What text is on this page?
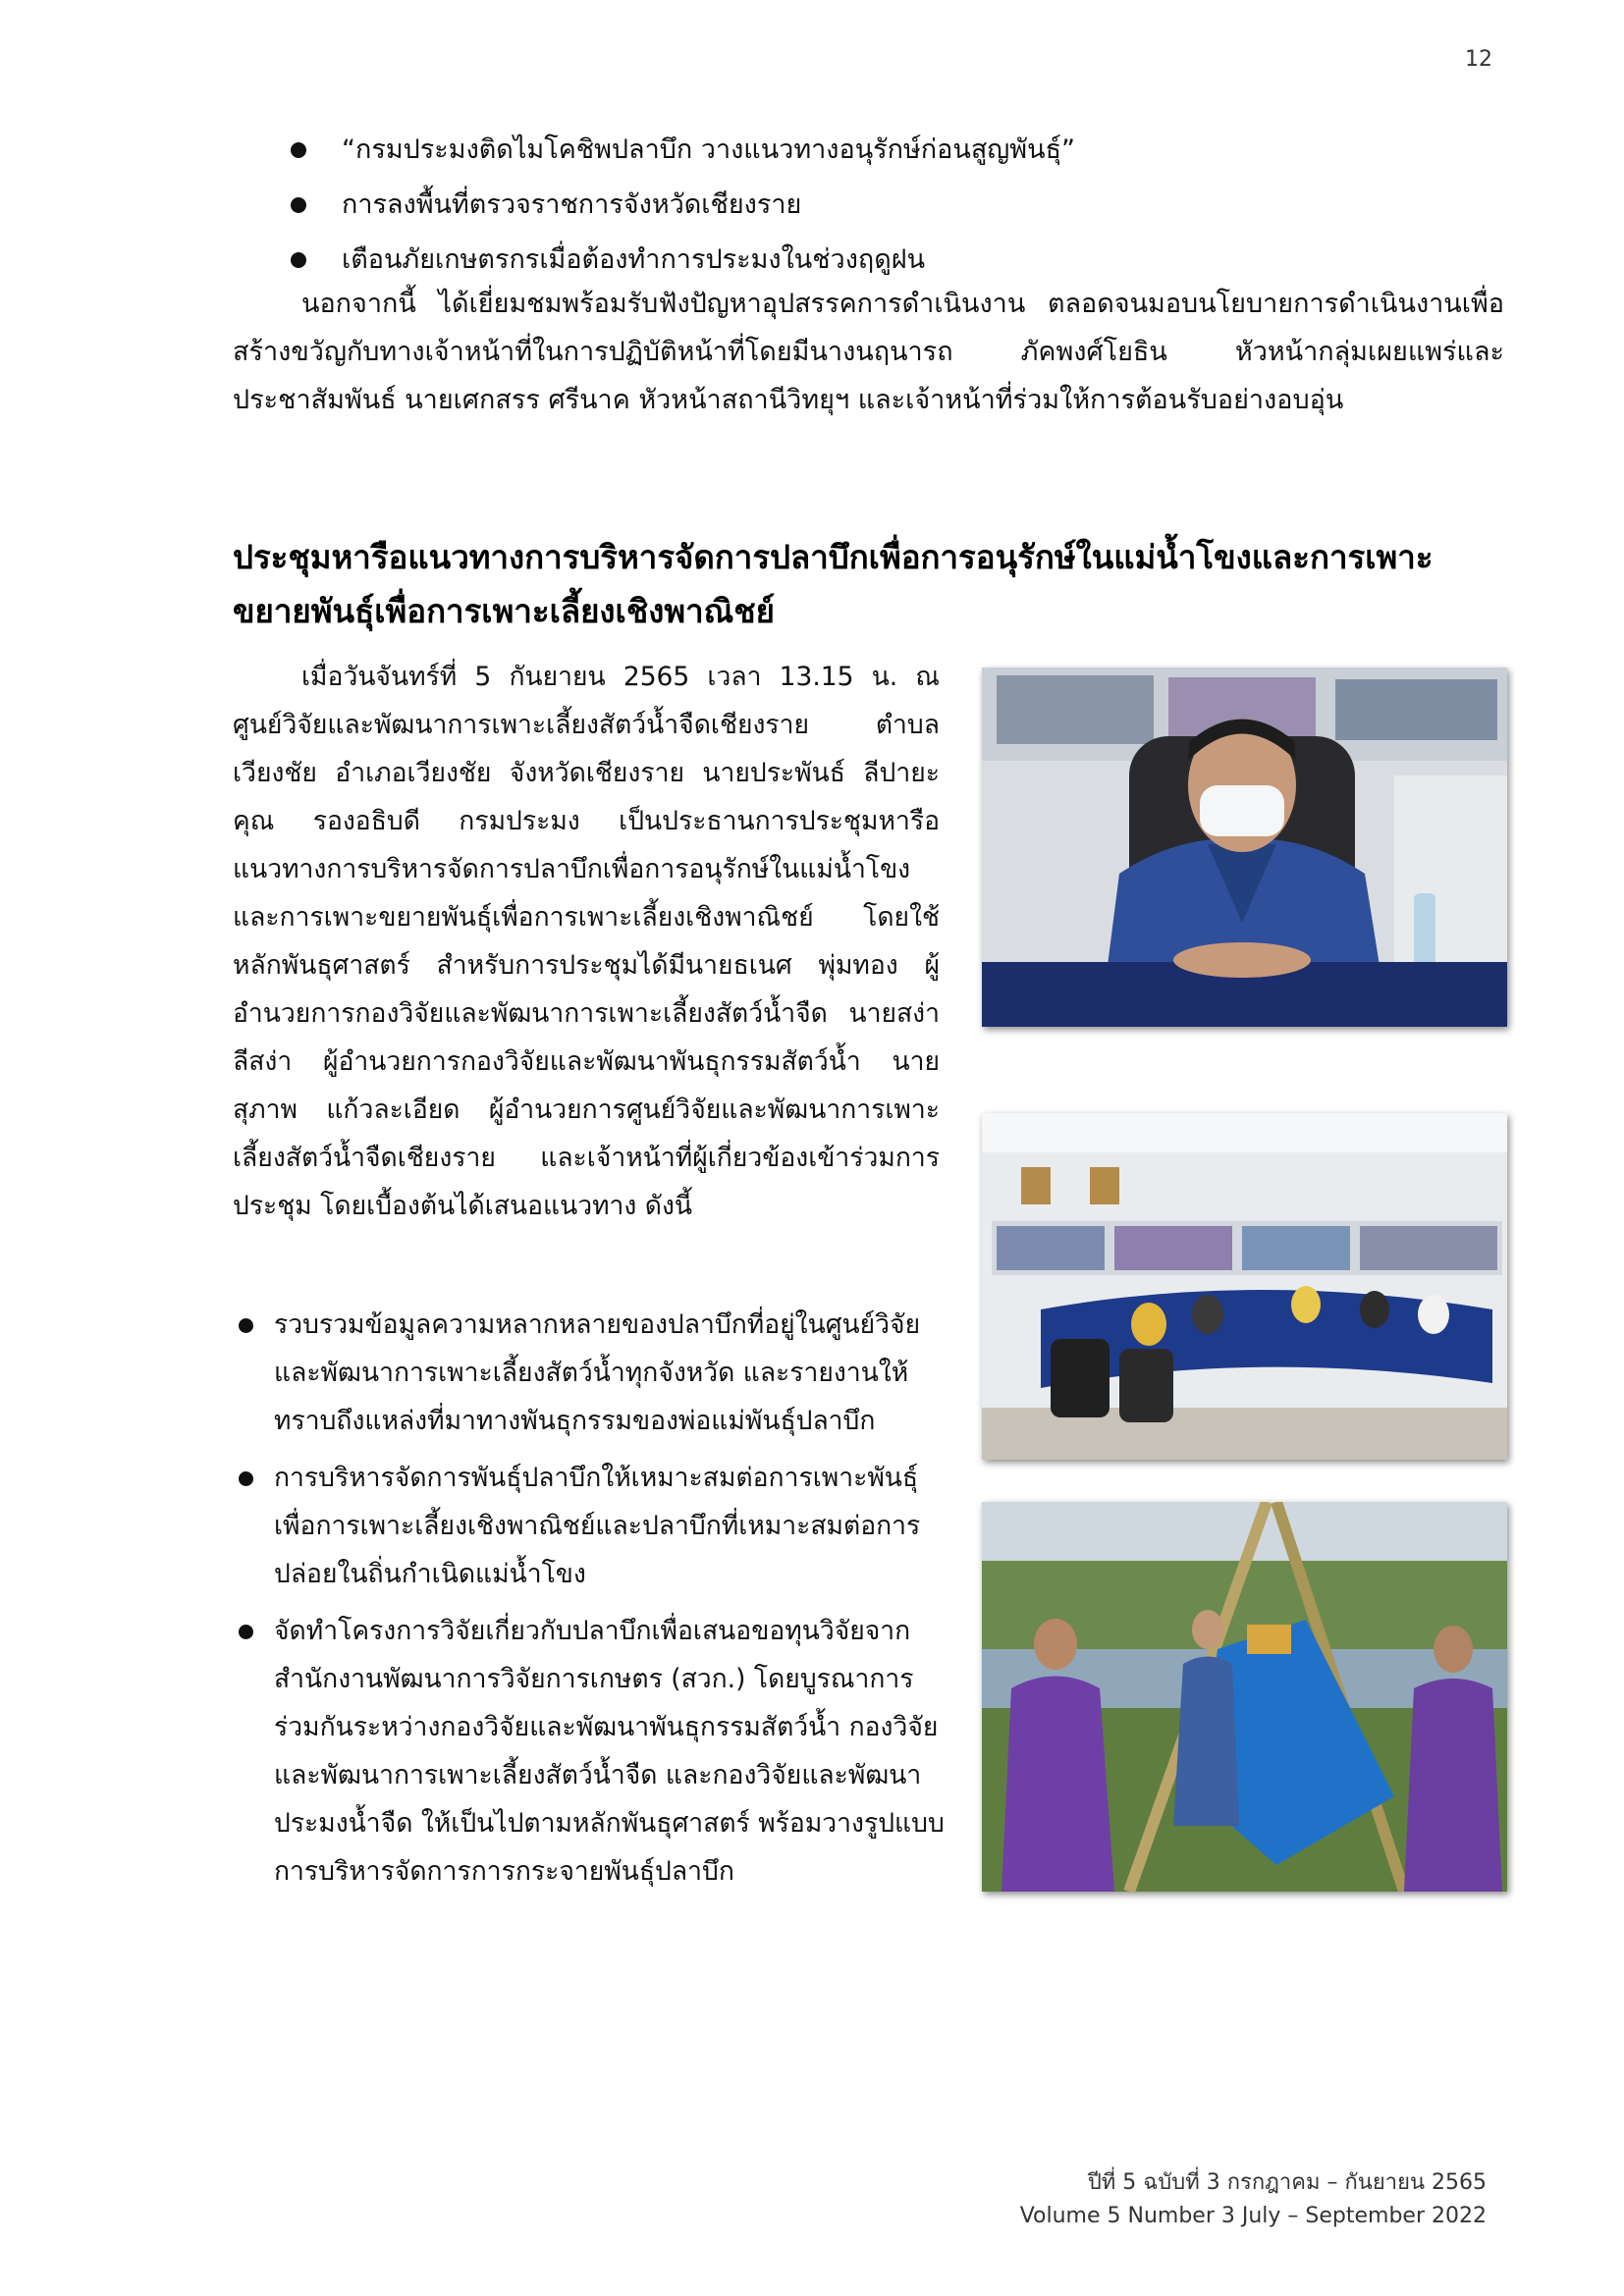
12
“กรมประมงติดไมโคชิพปลาบึก วางแนวทางอนุรักษ์ก่อนสูญพันธุ์”
การลงพื้นที่ตรวจราชการจังหวัดเชียงราย
เตือนภัยเกษตรกรเมื่อต้องทำการประมงในช่วงฤดูฝน
นอกจากนี้ ได้เยี่ยมชมพร้อมรับฟังปัญหาอุปสรรคการดำเนินงาน ตลอดจนมอบนโยบายการดำเนินงานเพื่อสร้างขวัญกับทางเจ้าหน้าที่ในการปฏิบัติหน้าที่โดยมีนางนฤนารถ ภัคพงศ์โยธิน หัวหน้ากลุ่มเผยแพร่และประชาสัมพันธ์ นายเศกสรร ศรีนาค หัวหน้าสถานีวิทยุฯ และเจ้าหน้าที่ร่วมให้การต้อนรับอย่างอบอุ่น
ประชุมหารือแนวทางการบริหารจัดการปลาบึกเพื่อการอนุรักษ์ในแม่น้ำโขงและการเพาะขยายพันธุ์เพื่อการเพาะเลี้ยงเชิงพาณิชย์
เมื่อวันจันทร์ที่ 5 กันยายน 2565 เวลา 13.15 น. ณ ศูนย์วิจัยและพัฒนาการเพาะเลี้ยงสัตว์น้ำจืดเชียงราย ตำบลเวียงชัย อำเภอเวียงชัย จังหวัดเชียงราย นายประพันธ์ ลีปายะคุณ รองอธิบดี กรมประมง เป็นประธานการประชุมหารือแนวทางการบริหารจัดการปลาบึกเพื่อการอนุรักษ์ในแม่น้ำโขงและการเพาะขยายพันธุ์เพื่อการเพาะเลี้ยงเชิงพาณิชย์ โดยใช้หลักพันธุศาสตร์ สำหรับการประชุมได้มีนายธเนศ พุ่มทอง ผู้อำนวยการกองวิจัยและพัฒนาการเพาะเลี้ยงสัตว์น้ำจืด นายสง่า ลีสง่า ผู้อำนวยการกองวิจัยและพัฒนาพันธุกรรมสัตว์น้ำ นายสุภาพ แก้วละเอียด ผู้อำนวยการศูนย์วิจัยและพัฒนาการเพาะเลี้ยงสัตว์น้ำจืดเชียงราย และเจ้าหน้าที่ผู้เกี่ยวข้องเข้าร่วมการประชุม โดยเบื้องต้นได้เสนอแนวทาง ดังนี้
รวบรวมข้อมูลความหลากหลายของปลาบึกที่อยู่ในศูนย์วิจัยและพัฒนาการเพาะเลี้ยงสัตว์น้ำทุกจังหวัด และรายงานให้ทราบถึงแหล่งที่มาทางพันธุกรรมของพ่อแม่พันธุ์ปลาบึก
การบริหารจัดการพันธุ์ปลาบึกให้เหมาะสมต่อการเพาะพันธุ์เพื่อการเพาะเลี้ยงเชิงพาณิชย์และปลาบึกที่เหมาะสมต่อการปล่อยในถิ่นกำเนิดแม่น้ำโขง
จัดทำโครงการวิจัยเกี่ยวกับปลาบึกเพื่อเสนอขอทุนวิจัยจากสำนักงานพัฒนาการวิจัยการเกษตร (สวก.) โดยบูรณาการร่วมกันระหว่างกองวิจัยและพัฒนาพันธุกรรมสัตว์น้ำ กองวิจัยและพัฒนาการเพาะเลี้ยงสัตว์น้ำจืด และกองวิจัยและพัฒนาประมงน้ำจืด ให้เป็นไปตามหลักพันธุศาสตร์ พร้อมวางรูปแบบการบริหารจัดการการกระจายพันธุ์ปลาบึก
ปีที่ 5 ฉบับที่ 3 กรกฎาคม – กันยายน 2565
Volume 5 Number 3 July – September 2022
